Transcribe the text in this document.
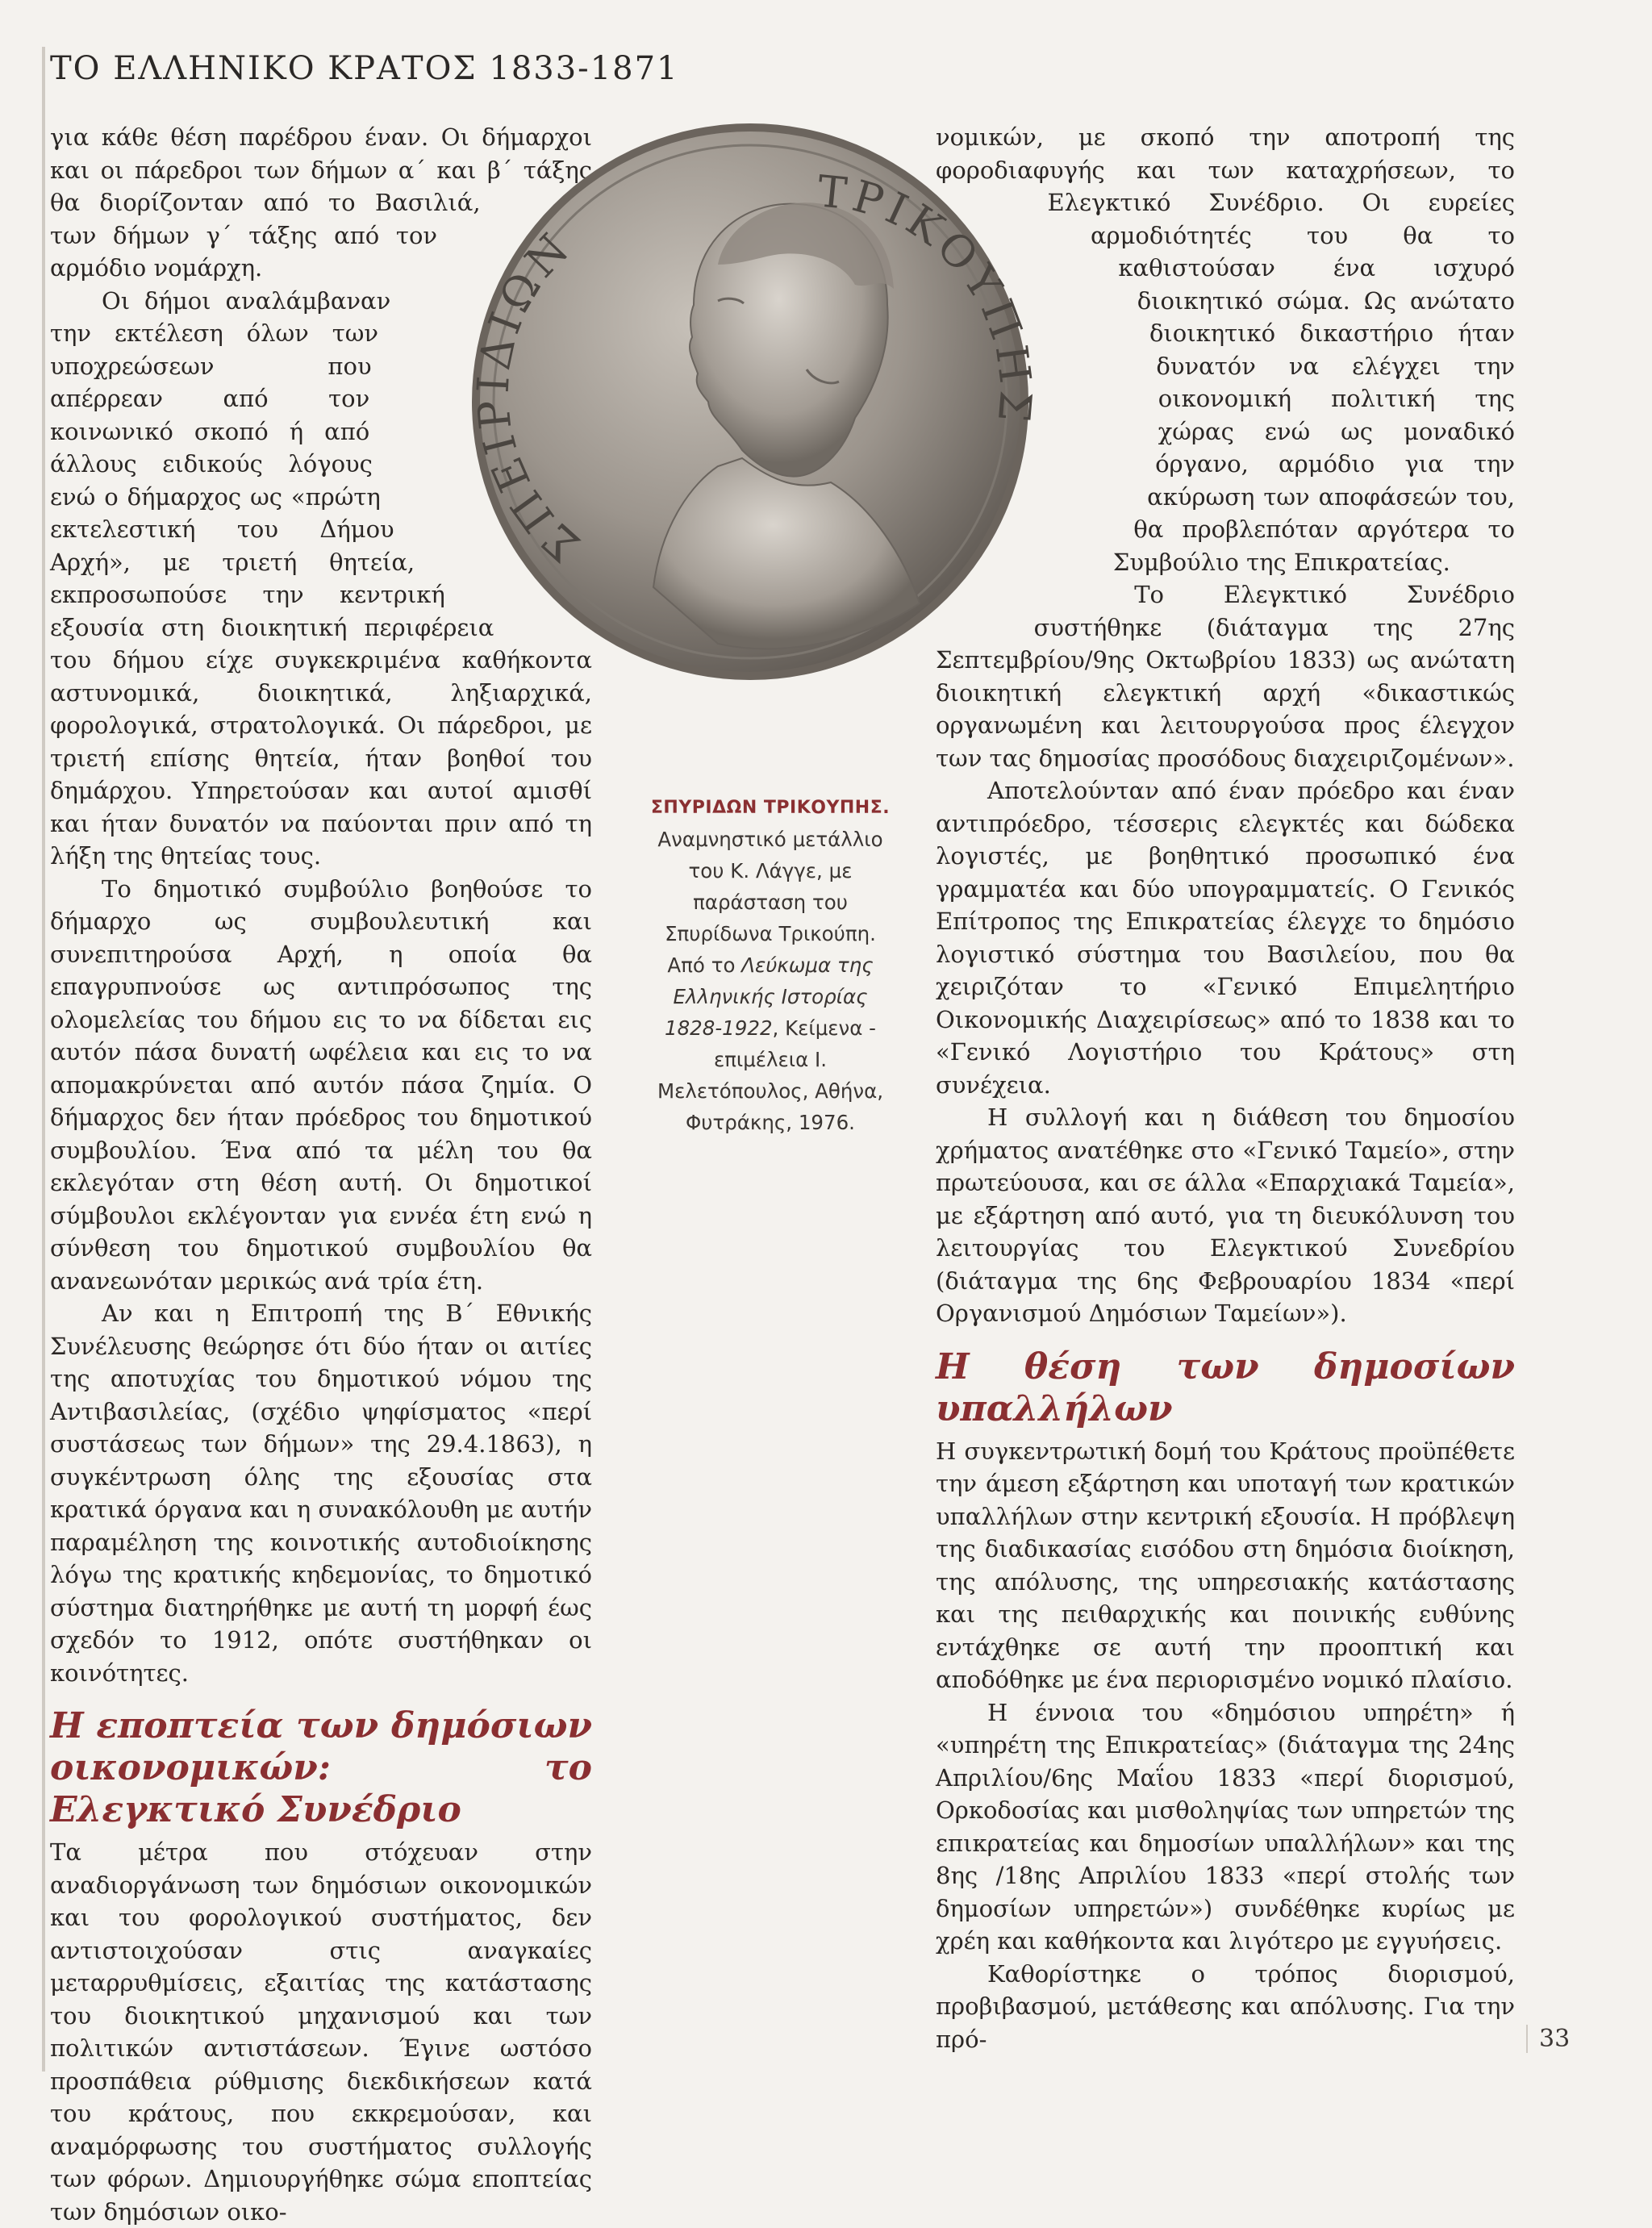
ΤΟ ΕΛΛΗΝΙΚΟ ΚΡΑΤΟΣ 1833-1871

για κάθε θέση παρέδρου έναν. Οι δήμαρχοι και οι πάρεδροι των δήμων α΄ και β΄ τάξης θα διορίζονταν από το Βασιλιά, των δήμων γ΄ τάξης από τον αρμόδιο νομάρχη.

Οι δήμοι αναλάμβαναν την εκτέλεση όλων των υποχρεώσεων που απέρρεαν από τον κοινωνικό σκοπό ή από άλλους ειδικούς λόγους ενώ ο δήμαρχος ως «πρώτη εκτελεστική του Δήμου Αρχή», με τριετή θητεία, εκπροσωπούσε την κεντρική εξουσία στη διοικητική περιφέρεια του δήμου είχε συγκεκριμένα καθήκοντα αστυνομικά, διοικητικά, ληξιαρχικά, φορολογικά, στρατολογικά. Οι πάρεδροι, με τριετή επίσης θητεία, ήταν βοηθοί του δημάρχου. Υπηρετούσαν και αυτοί αμισθί και ήταν δυνατόν να παύονται πριν από τη λήξη της θητείας τους.

Το δημοτικό συμβούλιο βοηθούσε το δήμαρχο ως συμβουλευτική και συνεπιτηρούσα Αρχή, η οποία θα επαγρυπνούσε ως αντιπρόσωπος της ολομελείας του δήμου εις το να δίδεται εις αυτόν πάσα δυνατή ωφέλεια και εις το να απομακρύνεται από αυτόν πάσα ζημία. Ο δήμαρχος δεν ήταν πρόεδρος του δημοτικού συμβουλίου. Ένα από τα μέλη του θα εκλεγόταν στη θέση αυτή. Οι δημοτικοί σύμβουλοι εκλέγονταν για εννέα έτη ενώ η σύνθεση του δημοτικού συμβουλίου θα ανανεωνόταν μερικώς ανά τρία έτη.

Αν και η Επιτροπή της Β΄ Εθνικής Συνέλευσης θεώρησε ότι δύο ήταν οι αιτίες της αποτυχίας του δημοτικού νόμου της Αντιβασιλείας, (σχέδιο ψηφίσματος «περί συστάσεως των δήμων» της 29.4.1863), η συγκέντρωση όλης της εξουσίας στα κρατικά όργανα και η συνακόλουθη με αυτήν παραμέληση της κοινοτικής αυτοδιοίκησης λόγω της κρατικής κηδεμονίας, το δημοτικό σύστημα διατηρήθηκε με αυτή τη μορφή έως σχεδόν το 1912, οπότε συστήθηκαν οι κοινότητες.

Η εποπτεία των δημόσιων οικονομικών: το Ελεγκτικό Συνέδριο

Τα μέτρα που στόχευαν στην αναδιοργάνωση των δημόσιων οικονομικών και του φορολογικού συστήματος, δεν αντιστοιχούσαν στις αναγκαίες μεταρρυθμίσεις, εξαιτίας της κατάστασης του διοικητικού μηχανισμού και των πολιτικών αντιστάσεων. Έγινε ωστόσο προσπάθεια ρύθμισης διεκδικήσεων κατά του κράτους, που εκκρεμούσαν, και αναμόρφωσης του συστήματος συλλογής των φόρων. Δημιουργήθηκε σώμα εποπτείας των δημόσιων οικο-

νομικών, με σκοπό την αποτροπή της φοροδιαφυγής και των καταχρήσεων, το Ελεγκτικό Συνέδριο. Οι ευρείες αρμοδιότητές του θα το καθιστούσαν ένα ισχυρό διοικητικό σώμα. Ως ανώτατο διοικητικό δικαστήριο ήταν δυνατόν να ελέγχει την οικονομική πολιτική της χώρας ενώ ως μοναδικό όργανο, αρμόδιο για την ακύρωση των αποφάσεών του, θα προβλεπόταν αργότερα το Συμβούλιο της Επικρατείας.

Το Ελεγκτικό Συνέδριο συστήθηκε (διάταγμα της 27ης Σεπτεμβρίου/9ης Οκτωβρίου 1833) ως ανώτατη διοικητική ελεγκτική αρχή «δικαστικώς οργανωμένη και λειτουργούσα προς έλεγχον των τας δημοσίας προσόδους διαχειριζομένων».

Αποτελούνταν από έναν πρόεδρο και έναν αντιπρόεδρο, τέσσερις ελεγκτές και δώδεκα λογιστές, με βοηθητικό προσωπικό ένα γραμματέα και δύο υπογραμματείς. Ο Γενικός Επίτροπος της Επικρατείας έλεγχε το δημόσιο λογιστικό σύστημα του Βασιλείου, που θα χειριζόταν το «Γενικό Επιμελητήριο Οικονομικής Διαχειρίσεως» από το 1838 και το «Γενικό Λογιστήριο του Κράτους» στη συνέχεια.

Η συλλογή και η διάθεση του δημοσίου χρήματος ανατέθηκε στο «Γενικό Ταμείο», στην πρωτεύουσα, και σε άλλα «Επαρχιακά Ταμεία», με εξάρτηση από αυτό, για τη διευκόλυνση του λειτουργίας του Ελεγκτικού Συνεδρίου (διάταγμα της 6ης Φεβρουαρίου 1834 «περί Οργανισμού Δημόσιων Ταμείων»).

Η θέση των δημοσίων υπαλλήλων

Η συγκεντρωτική δομή του Κράτους προϋπέθετε την άμεση εξάρτηση και υποταγή των κρατικών υπαλλήλων στην κεντρική εξουσία. Η πρόβλεψη της διαδικασίας εισόδου στη δημόσια διοίκηση, της απόλυσης, της υπηρεσιακής κατάστασης και της πειθαρχικής και ποινικής ευθύνης εντάχθηκε σε αυτή την προοπτική και αποδόθηκε με ένα περιορισμένο νομικό πλαίσιο.

Η έννοια του «δημόσιου υπηρέτη» ή «υπηρέτη της Επικρατείας» (διάταγμα της 24ης Απριλίου/6ης Μαΐου 1833 «περί διορισμού, Ορκοδοσίας και μισθοληψίας των υπηρετών της επικρατείας και δημοσίων υπαλλήλων» και της 8ης /18ης Απριλίου 1833 «περί στολής των δημοσίων υπηρετών») συνδέθηκε κυρίως με χρέη και καθήκοντα και λιγότερο με εγγυήσεις.

Καθορίστηκε ο τρόπος διορισμού, προβιβασμού, μετάθεσης και απόλυσης. Για την πρό-

ΣΠΕΙΡΙΔΙΩΝ
ΤΡΙΚΟΥΠΗΣ
ΣΠΥΡΙΔΩΝ ΤΡΙΚΟΥΠΗΣ.
Αναμνηστικό μετάλλιο του Κ. Λάγγε, με παράσταση του Σπυρίδωνα Τρικούπη. Από το Λεύκωμα της Ελληνικής Ιστορίας 1828-1922, Κείμενα - επιμέλεια Ι. Μελετόπουλος, Αθήνα, Φυτράκης, 1976.
33
